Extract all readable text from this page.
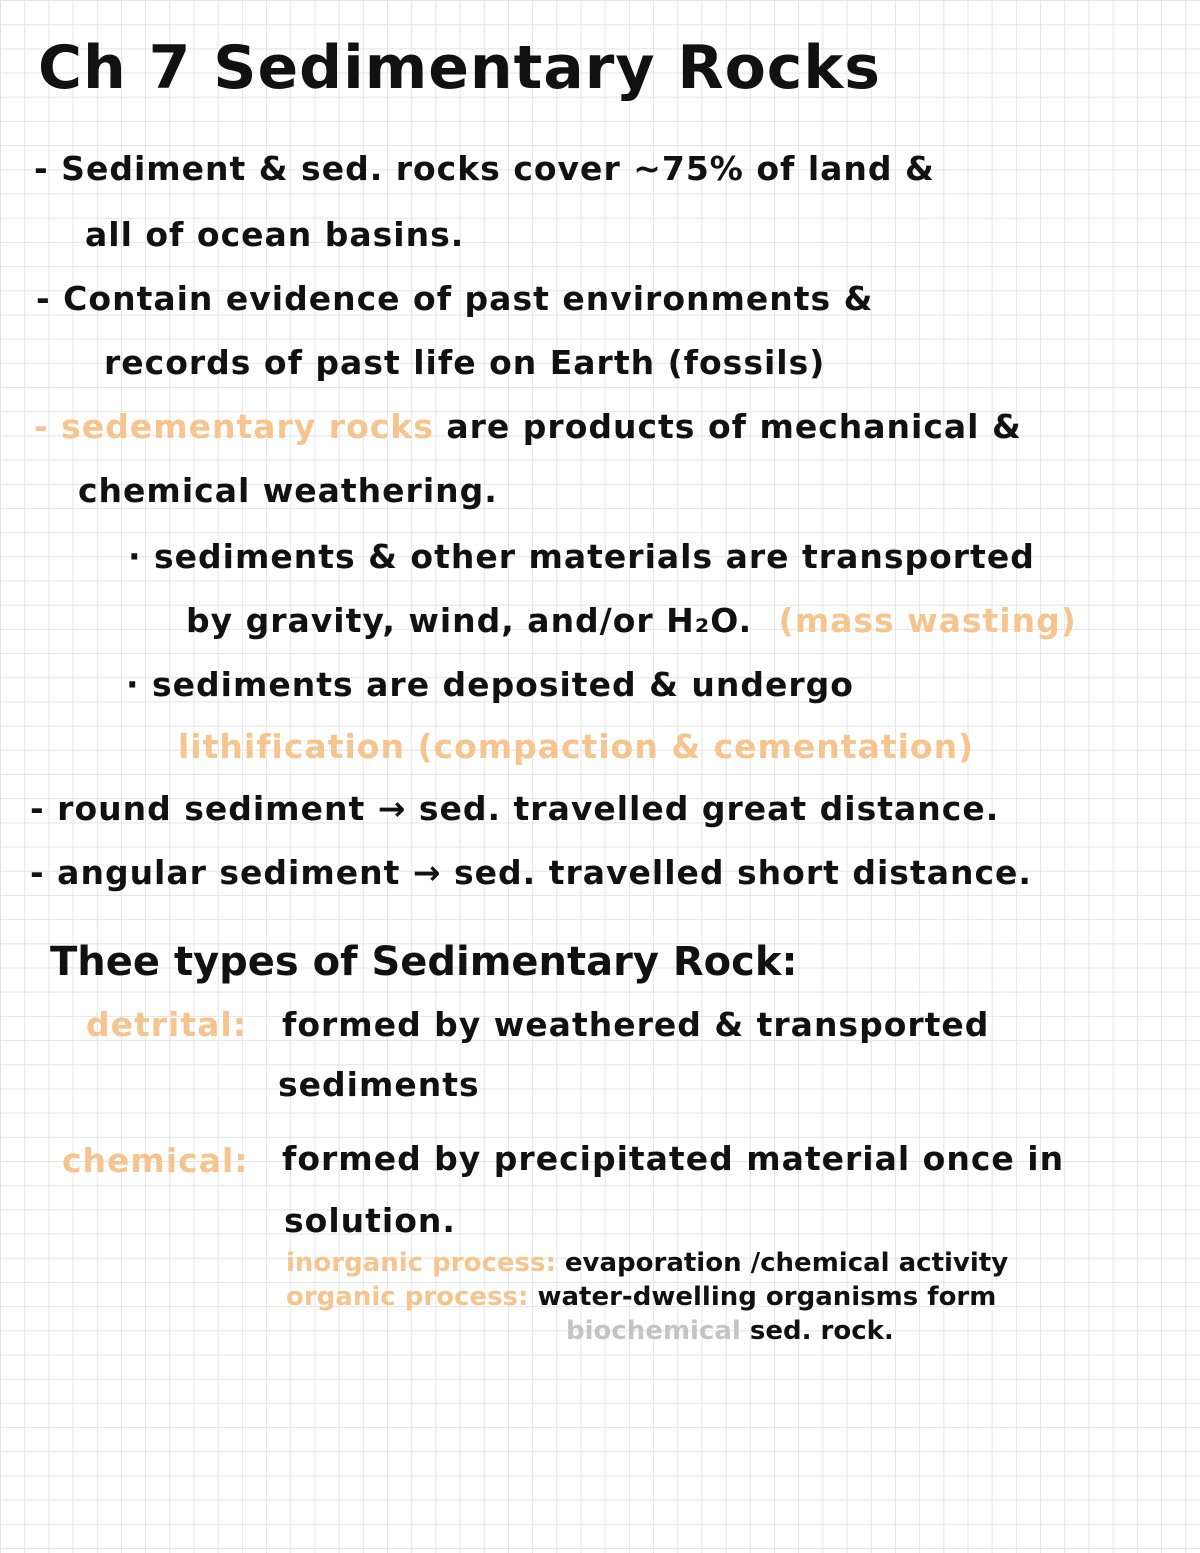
Ch 7 Sedimentary Rocks
- Sediment & sed. rocks cover ~75% of land &
all of ocean basins.
- Contain evidence of past environments &
records of past life on Earth (fossils)
- sedementary rocks are products of mechanical &
chemical weathering.
· sediments & other materials are transported
by gravity, wind, and/or H₂O. (mass wasting)
· sediments are deposited & undergo
lithification (compaction & cementation)
- round sediment → sed. travelled great distance.
- angular sediment → sed. travelled short distance.
Thee types of Sedimentary Rock:
detrital: formed by weathered & transported
sediments
chemical: formed by precipitated material once in
solution.
inorganic process: evaporation /chemical activity
organic process: water-dwelling organisms form
biochemical sed. rock.
